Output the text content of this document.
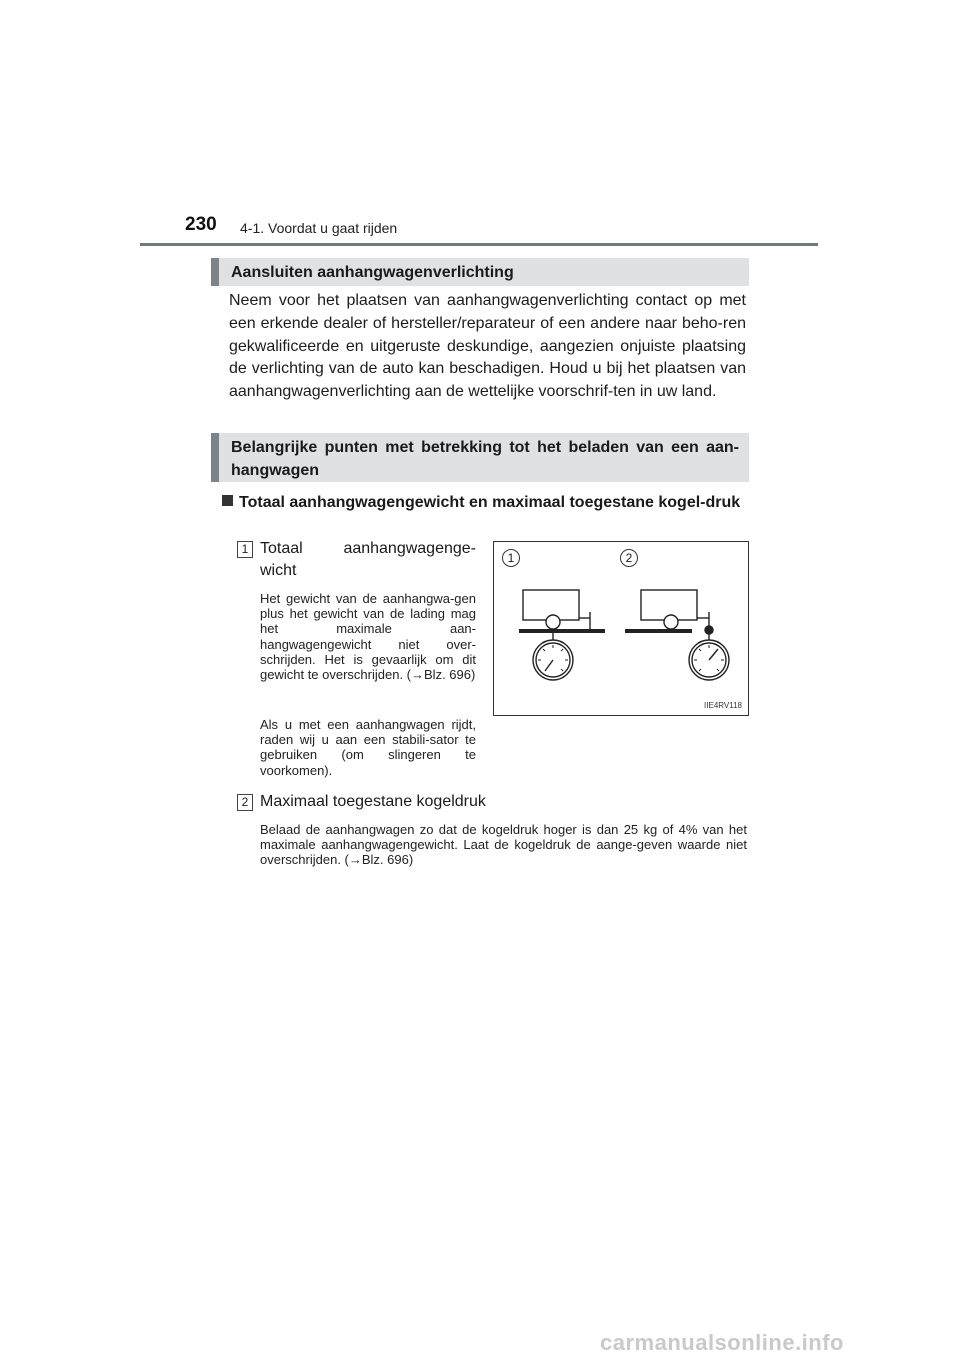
230 4-1. Voordat u gaat rijden
Aansluiten aanhangwagenverlichting
Neem voor het plaatsen van aanhangwagenverlichting contact op met een erkende dealer of hersteller/reparateur of een andere naar beho-ren gekwalificeerde en uitgeruste deskundige, aangezien onjuiste plaatsing de verlichting van de auto kan beschadigen. Houd u bij het plaatsen van aanhangwagenverlichting aan de wettelijke voorschrif-ten in uw land.
Belangrijke punten met betrekking tot het beladen van een aan-hangwagen
Totaal aanhangwagengewicht en maximaal toegestane kogel-druk
1 Totaal aanhangwagenge-
wicht
Het gewicht van de aanhangwa-gen plus het gewicht van de lading mag het maximale aan-hangwagengewicht niet over-schrijden. Het is gevaarlijk om dit gewicht te overschrijden. (→Blz. 696)
Als u met een aanhangwagen rijdt, raden wij u aan een stabili-sator te gebruiken (om slingeren te voorkomen).
1	2
IIE4RV118
2 Maximaal toegestane kogeldruk
Belaad de aanhangwagen zo dat de kogeldruk hoger is dan 25 kg of 4% van het maximale aanhangwagengewicht. Laat de kogeldruk de aange-geven waarde niet overschrijden. (→Blz. 696)
carmanualsonline.info
